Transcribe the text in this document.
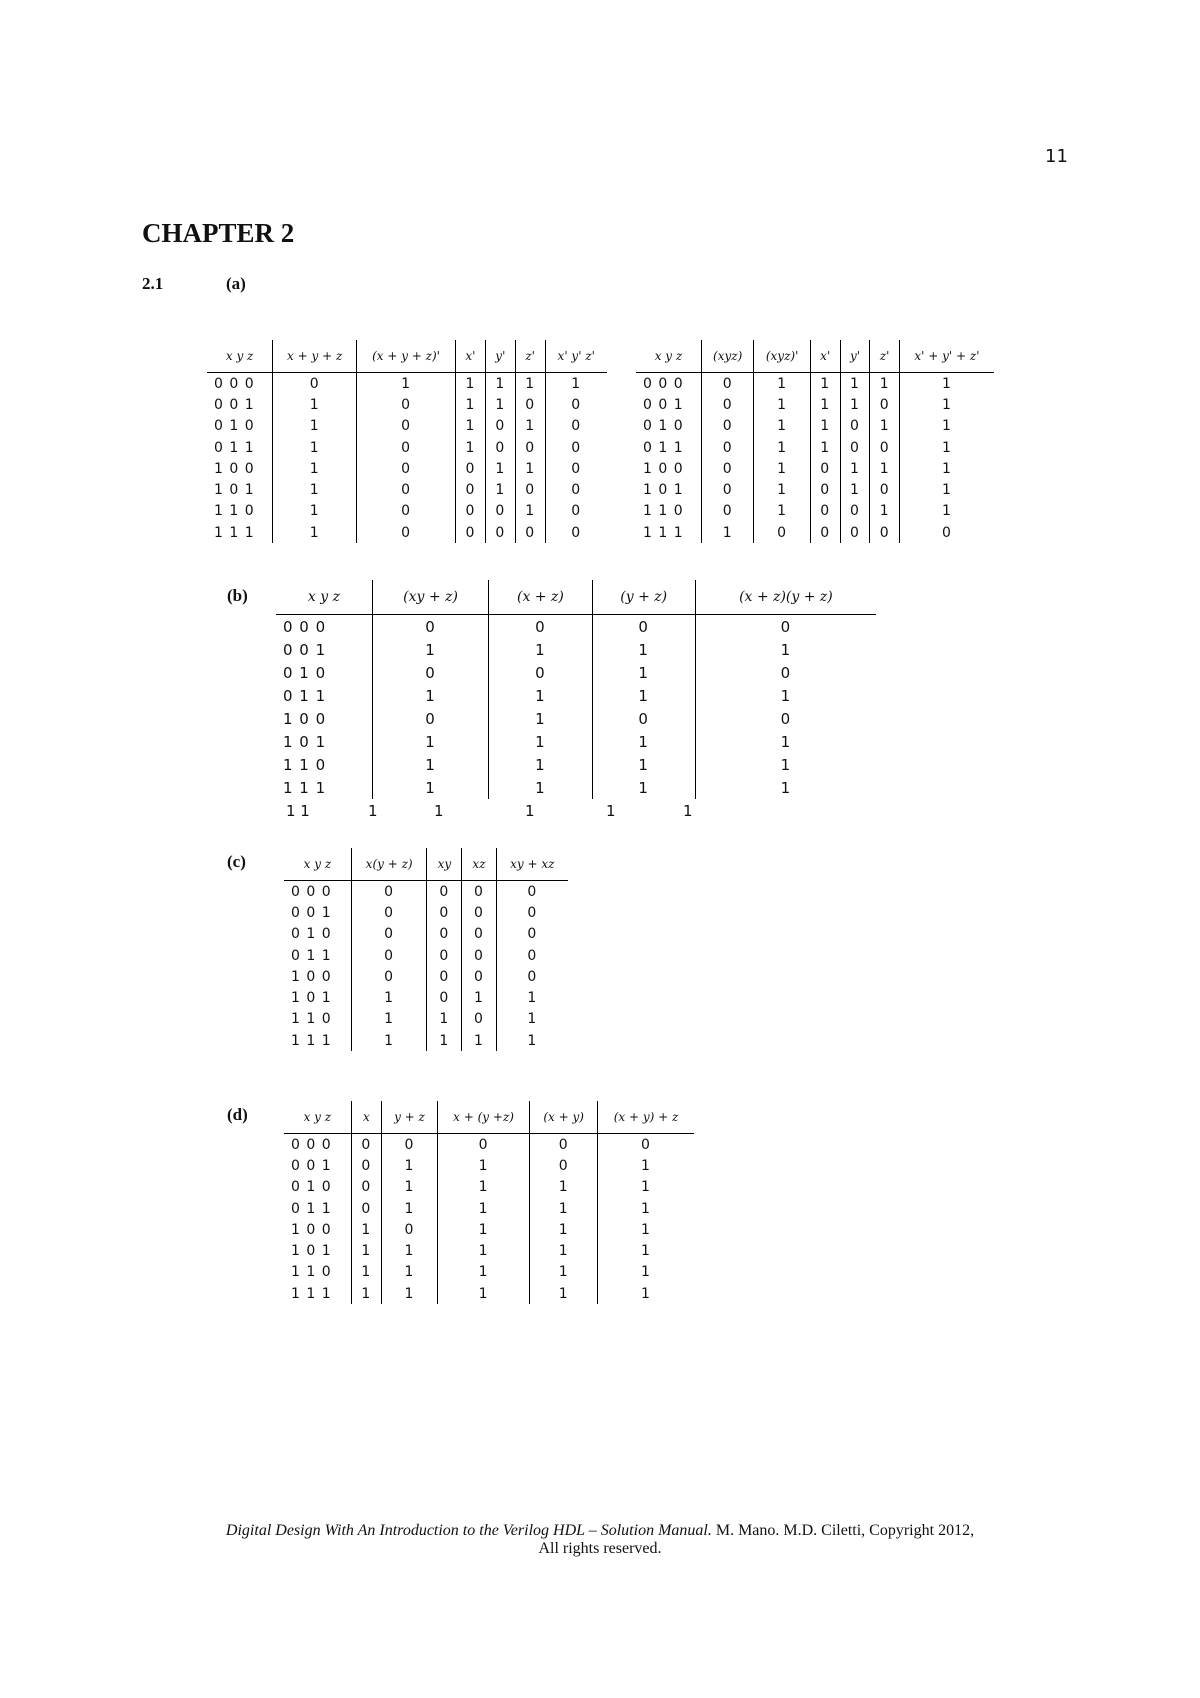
11
CHAPTER 2
2.1	(a)
(b)
(c)
(d)
x y z	x + y + z	(x + y + z)'	x'	y'	z'	x' y' z'
0 0 0	0	1	1	1	1	1
0 0 1	1	0	1	1	0	0
0 1 0	1	0	1	0	1	0
0 1 1	1	0	1	0	0	0
1 0 0	1	0	0	1	1	0
1 0 1	1	0	0	1	0	0
1 1 0	1	0	0	0	1	0
1 1 1	1	0	0	0	0	0
x y z	(xyz)	(xyz)'	x'	y'	z'	x' + y' + z'
0 0 0	0	1	1	1	1	1
0 0 1	0	1	1	1	0	1
0 1 0	0	1	1	0	1	1
0 1 1	0	1	1	0	0	1
1 0 0	0	1	0	1	1	1
1 0 1	0	1	0	1	0	1
1 1 0	0	1	0	0	1	1
1 1 1	1	0	0	0	0	0
x y z	(xy + z)	(x + z)	(y + z)	(x + z)(y + z)
0 0 0	0	0	0	0
0 0 1	1	1	1	1
0 1 0	0	0	1	0
0 1 1	1	1	1	1
1 0 0	0	1	0	0
1 0 1	1	1	1	1
1 1 0	1	1	1	1
1 1 1	1	1	1	1
1 1	1	1	1	1	1
x y z	x(y + z)	xy	xz	xy + xz
0 0 0	0	0	0	0
0 0 1	0	0	0	0
0 1 0	0	0	0	0
0 1 1	0	0	0	0
1 0 0	0	0	0	0
1 0 1	1	0	1	1
1 1 0	1	1	0	1
1 1 1	1	1	1	1
x y z	x	y + z	x + (y +z)	(x + y)	(x + y) + z
0 0 0	0	0	0	0	0
0 0 1	0	1	1	0	1
0 1 0	0	1	1	1	1
0 1 1	0	1	1	1	1
1 0 0	1	0	1	1	1
1 0 1	1	1	1	1	1
1 1 0	1	1	1	1	1
1 1 1	1	1	1	1	1
Digital Design With An Introduction to the Verilog HDL – Solution Manual. M. Mano. M.D. Ciletti, Copyright 2012,
All rights reserved.
